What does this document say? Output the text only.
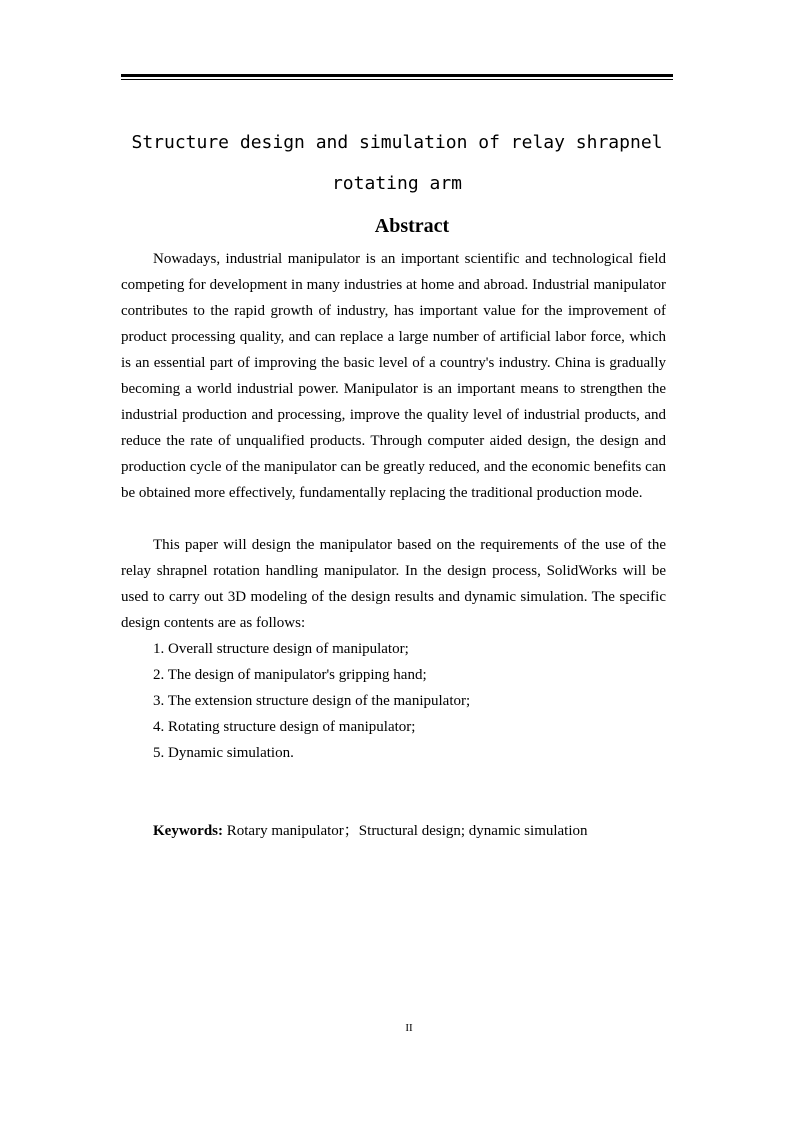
Structure design and simulation of relay shrapnel
rotating arm
Abstract

Nowadays, industrial manipulator is an important scientific and technological field competing for development in many industries at home and abroad. Industrial manipulator contributes to the rapid growth of industry, has important value for the improvement of product processing quality, and can replace a large number of artificial labor force, which is an essential part of improving the basic level of a country's industry. China is gradually becoming a world industrial power. Manipulator is an important means to strengthen the industrial production and processing, improve the quality level of industrial products, and reduce the rate of unqualified products. Through computer aided design, the design and production cycle of the manipulator can be greatly reduced, and the economic benefits can be obtained more effectively, fundamentally replacing the traditional production mode.

This paper will design the manipulator based on the requirements of the use of the relay shrapnel rotation handling manipulator. In the design process, SolidWorks will be used to carry out 3D modeling of the design results and dynamic simulation. The specific design contents are as follows:

1. Overall structure design of manipulator;
2. The design of manipulator's gripping hand;
3. The extension structure design of the manipulator;
4. Rotating structure design of manipulator;
5. Dynamic simulation.
Keywords: Rotary manipulator；Structural design; dynamic simulation
II
